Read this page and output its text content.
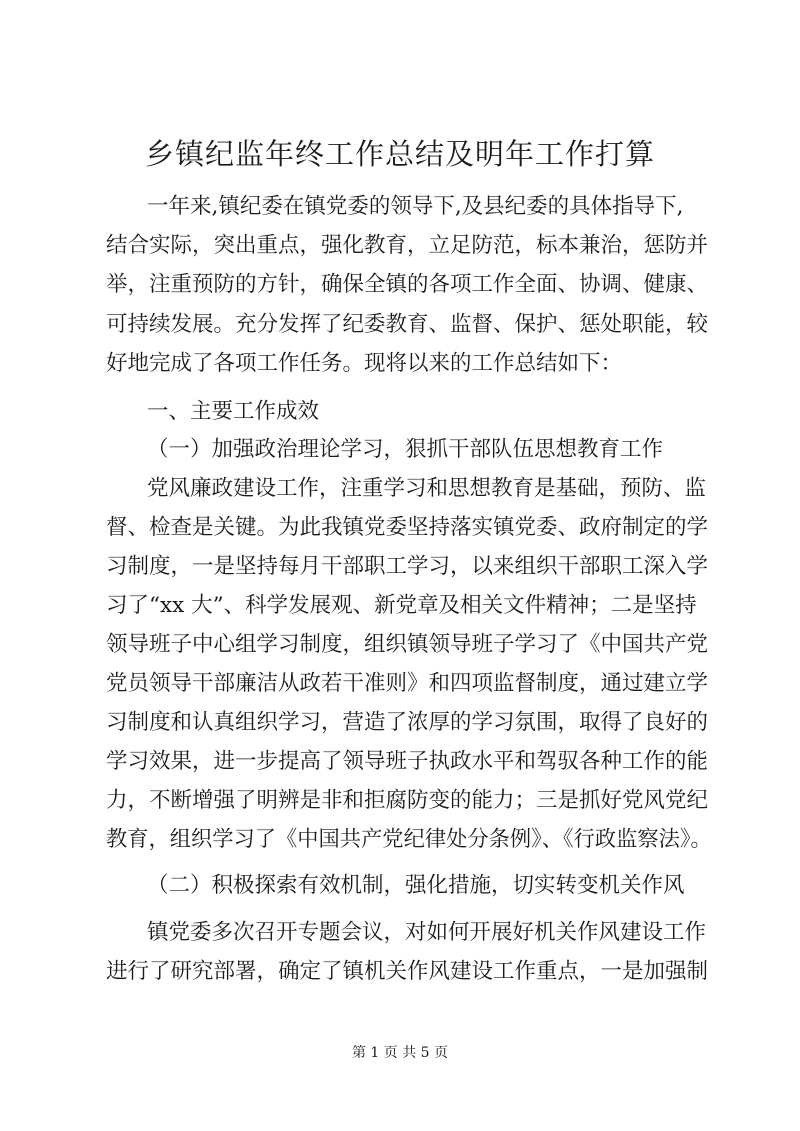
乡镇纪监年终工作总结及明年工作打算
一年来,镇纪委在镇党委的领导下,及县纪委的具体指导下,
结合实际，突出重点，强化教育，立足防范，标本兼治，惩防并
举，注重预防的方针，确保全镇的各项工作全面、协调、健康、
可持续发展。充分发挥了纪委教育、监督、保护、惩处职能，较
好地完成了各项工作任务。现将以来的工作总结如下：
一、主要工作成效
（一）加强政治理论学习，狠抓干部队伍思想教育工作
党风廉政建设工作，注重学习和思想教育是基础，预防、监
督、检查是关键。为此我镇党委坚持落实镇党委、政府制定的学
习制度，一是坚持每月干部职工学习，以来组织干部职工深入学
习了“xx 大”、科学发展观、新党章及相关文件精神；二是坚持
领导班子中心组学习制度，组织镇领导班子学习了《中国共产党
党员领导干部廉洁从政若干准则》和四项监督制度，通过建立学
习制度和认真组织学习，营造了浓厚的学习氛围，取得了良好的
学习效果，进一步提高了领导班子执政水平和驾驭各种工作的能
力，不断增强了明辨是非和拒腐防变的能力；三是抓好党风党纪
教育，组织学习了《中国共产党纪律处分条例》、《行政监察法》。
（二）积极探索有效机制，强化措施，切实转变机关作风
镇党委多次召开专题会议，对如何开展好机关作风建设工作
进行了研究部署，确定了镇机关作风建设工作重点，一是加强制
第 1 页 共 5 页
